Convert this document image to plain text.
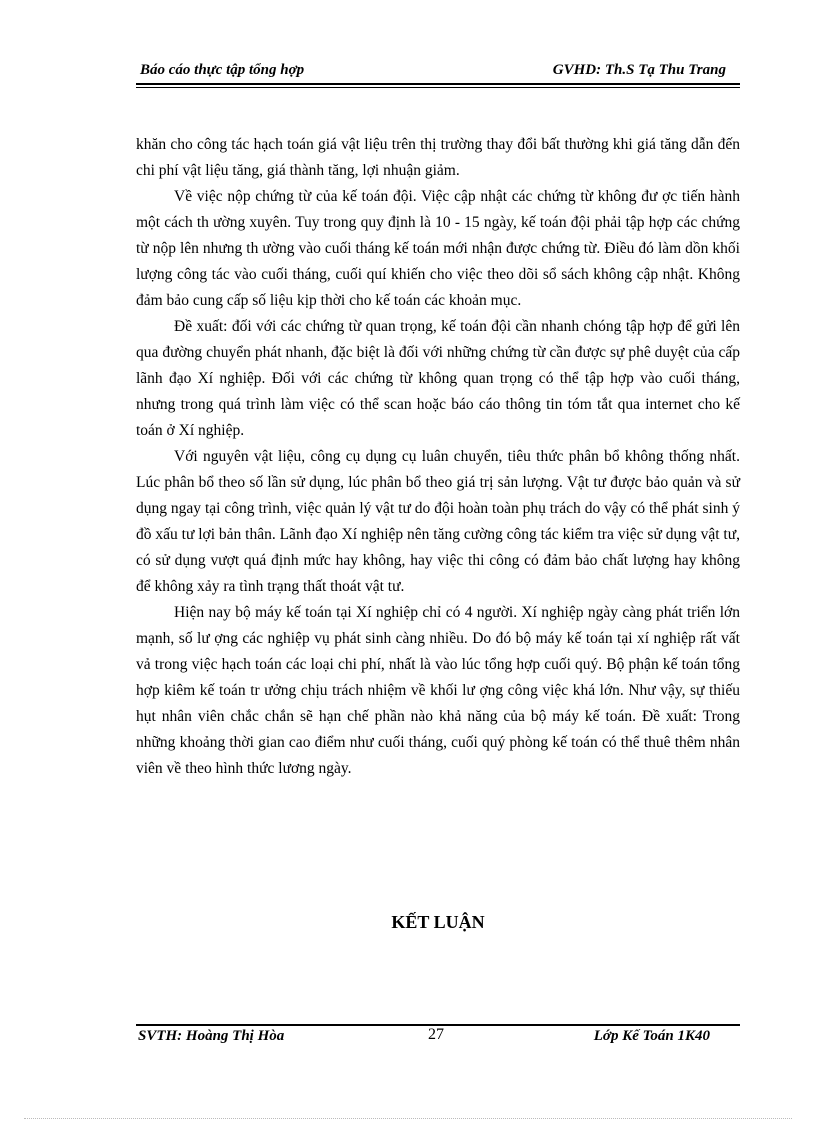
Báo cáo thực tập tổng hợp	GVHD: Th.S Tạ Thu Trang

khăn cho công tác hạch toán giá vật liệu trên thị trường thay đổi bất thường khi giá tăng dẫn đến chi phí vật liệu tăng, giá thành tăng, lợi nhuận giảm.

Về việc nộp chứng từ của kế toán đội. Việc cập nhật các chứng từ không đư ợc tiến hành một cách th ường xuyên. Tuy trong quy định là 10 - 15 ngày, kế toán đội phải tập hợp các chứng từ nộp lên nhưng th ường vào cuối tháng kế toán mới nhận được chứng từ. Điều đó làm dồn khối lượng công tác vào cuối tháng, cuối quí khiến cho việc theo dõi sổ sách không cập nhật. Không đảm bảo cung cấp số liệu kịp thời cho kế toán các khoản mục.

Đề xuất: đối với các chứng từ quan trọng, kế toán đội cần nhanh chóng tập hợp để gửi lên qua đường chuyển phát nhanh, đặc biệt là đối với những chứng từ cần được sự phê duyệt của cấp lãnh đạo Xí nghiệp. Đối với các chứng từ không quan trọng có thể tập hợp vào cuối tháng, nhưng trong quá trình làm việc có thể scan hoặc báo cáo thông tin tóm tắt qua internet cho kế toán ở Xí nghiệp.

Với nguyên vật liệu, công cụ dụng cụ luân chuyển, tiêu thức phân bổ không thống nhất. Lúc phân bổ theo số lần sử dụng, lúc phân bổ theo giá trị sản lượng. Vật tư được bảo quản và sử dụng ngay tại công trình, việc quản lý vật tư do đội hoàn toàn phụ trách do vậy có thể phát sinh ý đồ xấu tư lợi bản thân. Lãnh đạo Xí nghiệp nên tăng cường công tác kiểm tra việc sử dụng vật tư, có sử dụng vượt quá định mức hay không, hay việc thi công có đảm bảo chất lượng hay không để không xảy ra tình trạng thất thoát vật tư.

Hiện nay bộ máy kế toán tại Xí nghiệp chỉ có 4 người. Xí nghiệp ngày càng phát triển lớn mạnh, số lư ợng các nghiệp vụ phát sinh càng nhiều. Do đó bộ máy kế toán tại xí nghiệp rất vất vả trong việc hạch toán các loại chi phí, nhất là vào lúc tổng hợp cuối quý. Bộ phận kế toán tổng hợp kiêm kế toán tr ưởng chịu trách nhiệm về khối lư ợng công việc khá lớn. Như vậy, sự thiếu hụt nhân viên chắc chắn sẽ hạn chế phần nào khả năng của bộ máy kế toán. Đề xuất: Trong những khoảng thời gian cao điểm như cuối tháng, cuối quý phòng kế toán có thể thuê thêm nhân viên về theo hình thức lương ngày.

KẾT LUẬN
SVTH: Hoàng Thị Hòa	27	Lớp Kế Toán 1K40
